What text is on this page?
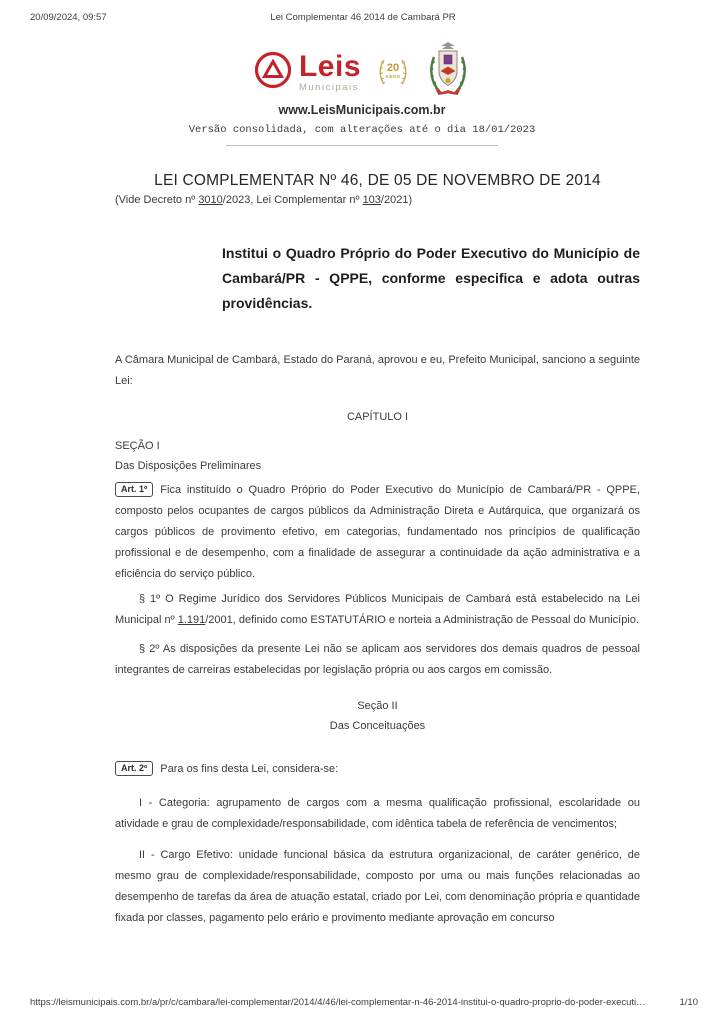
20/09/2024, 09:57	Lei Complementar 46 2014 de Cambará PR
Leis
Municipais
20
ANOS
www.LeisMunicipais.com.br
Versão consolidada, com alterações até o dia 18/01/2023
LEI COMPLEMENTAR Nº 46, DE 05 DE NOVEMBRO DE 2014

(Vide Decreto nº 3010/2023, Lei Complementar nº 103/2021)

Institui o Quadro Próprio do Poder Executivo do Município de Cambará/PR - QPPE, conforme especifica e adota outras providências.

A Câmara Municipal de Cambará, Estado do Paraná, aprovou e eu, Prefeito Municipal, sanciono a seguinte Lei:

CAPÍTULO I

SEÇÃO I
Das Disposições Preliminares

Art. 1º Fica instituído o Quadro Próprio do Poder Executivo do Município de Cambará/PR - QPPE, composto pelos ocupantes de cargos públicos da Administração Direta e Autárquica, que organizará os cargos públicos de provimento efetivo, em categorias, fundamentado nos princípios de qualificação profissional e de desempenho, com a finalidade de assegurar a continuidade da ação administrativa e a eficiência do serviço público.

§ 1º O Regime Jurídico dos Servidores Públicos Municipais de Cambará está estabelecido na Lei Municipal nº 1.191/2001, definido como ESTATUTÁRIO e norteia a Administração de Pessoal do Município.

§ 2º As disposições da presente Lei não se aplicam aos servidores dos demais quadros de pessoal integrantes de carreiras estabelecidas por legislação própria ou aos cargos em comissão.

Seção II
Das Conceituações

Art. 2º Para os fins desta Lei, considera-se:

I - Categoria: agrupamento de cargos com a mesma qualificação profissional, escolaridade ou atividade e grau de complexidade/responsabilidade, com idêntica tabela de referência de vencimentos;

II - Cargo Efetivo: unidade funcional básica da estrutura organizacional, de caráter genérico, de mesmo grau de complexidade/responsabilidade, composto por uma ou mais funções relacionadas ao desempenho de tarefas da área de atuação estatal, criado por Lei, com denominação própria e quantidade fixada por classes, pagamento pelo erário e provimento mediante aprovação em concurso

https://leismunicipais.com.br/a/pr/c/cambara/lei-complementar/2014/4/46/lei-complementar-n-46-2014-institui-o-quadro-proprio-do-poder-executi…	1/10
